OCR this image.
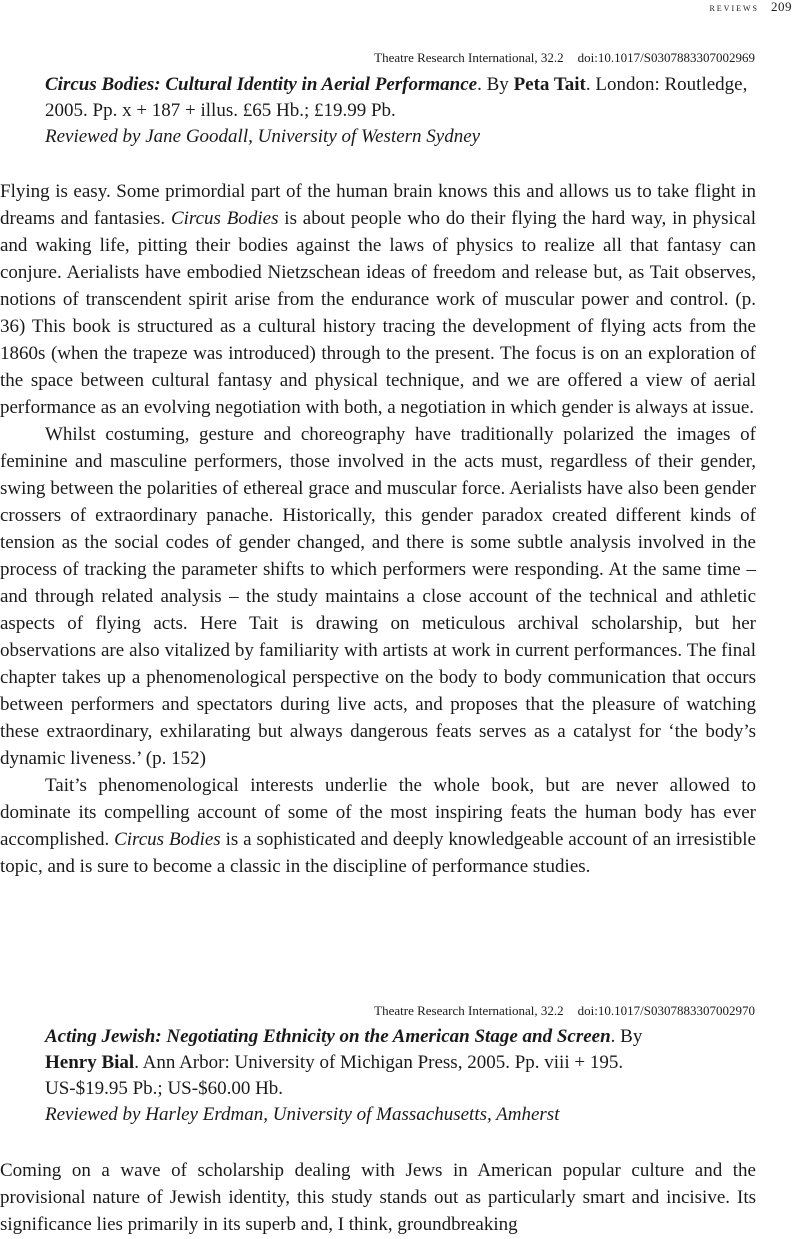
reviews 209
Theatre Research International, 32.2 doi:10.1017/S0307883307002969
Circus Bodies: Cultural Identity in Aerial Performance. By Peta Tait. London: Routledge, 2005. Pp. x + 187 + illus. £65 Hb.; £19.99 Pb.
Reviewed by Jane Goodall, University of Western Sydney

Flying is easy. Some primordial part of the human brain knows this and allows us to take flight in dreams and fantasies. Circus Bodies is about people who do their flying the hard way, in physical and waking life, pitting their bodies against the laws of physics to realize all that fantasy can conjure. Aerialists have embodied Nietzschean ideas of freedom and release but, as Tait observes, notions of transcendent spirit arise from the endurance work of muscular power and control. (p. 36) This book is structured as a cultural history tracing the development of flying acts from the 1860s (when the trapeze was introduced) through to the present. The focus is on an exploration of the space between cultural fantasy and physical technique, and we are offered a view of aerial performance as an evolving negotiation with both, a negotiation in which gender is always at issue.

Whilst costuming, gesture and choreography have traditionally polarized the images of feminine and masculine performers, those involved in the acts must, regardless of their gender, swing between the polarities of ethereal grace and muscular force. Aerialists have also been gender crossers of extraordinary panache. Historically, this gender paradox created different kinds of tension as the social codes of gender changed, and there is some subtle analysis involved in the process of tracking the parameter shifts to which performers were responding. At the same time – and through related analysis – the study maintains a close account of the technical and athletic aspects of flying acts. Here Tait is drawing on meticulous archival scholarship, but her observations are also vitalized by familiarity with artists at work in current performances. The final chapter takes up a phenomenological perspective on the body to body communication that occurs between performers and spectators during live acts, and proposes that the pleasure of watching these extraordinary, exhilarating but always dangerous feats serves as a catalyst for ‘the body’s dynamic liveness.’ (p. 152)

Tait’s phenomenological interests underlie the whole book, but are never allowed to dominate its compelling account of some of the most inspiring feats the human body has ever accomplished. Circus Bodies is a sophisticated and deeply knowledgeable account of an irresistible topic, and is sure to become a classic in the discipline of performance studies.

Theatre Research International, 32.2 doi:10.1017/S0307883307002970
Acting Jewish: Negotiating Ethnicity on the American Stage and Screen. By
Henry Bial. Ann Arbor: University of Michigan Press, 2005. Pp. viii + 195.
US-$19.95 Pb.; US-$60.00 Hb.
Reviewed by Harley Erdman, University of Massachusetts, Amherst

Coming on a wave of scholarship dealing with Jews in American popular culture and the provisional nature of Jewish identity, this study stands out as particularly smart and incisive. Its significance lies primarily in its superb and, I think, groundbreaking
